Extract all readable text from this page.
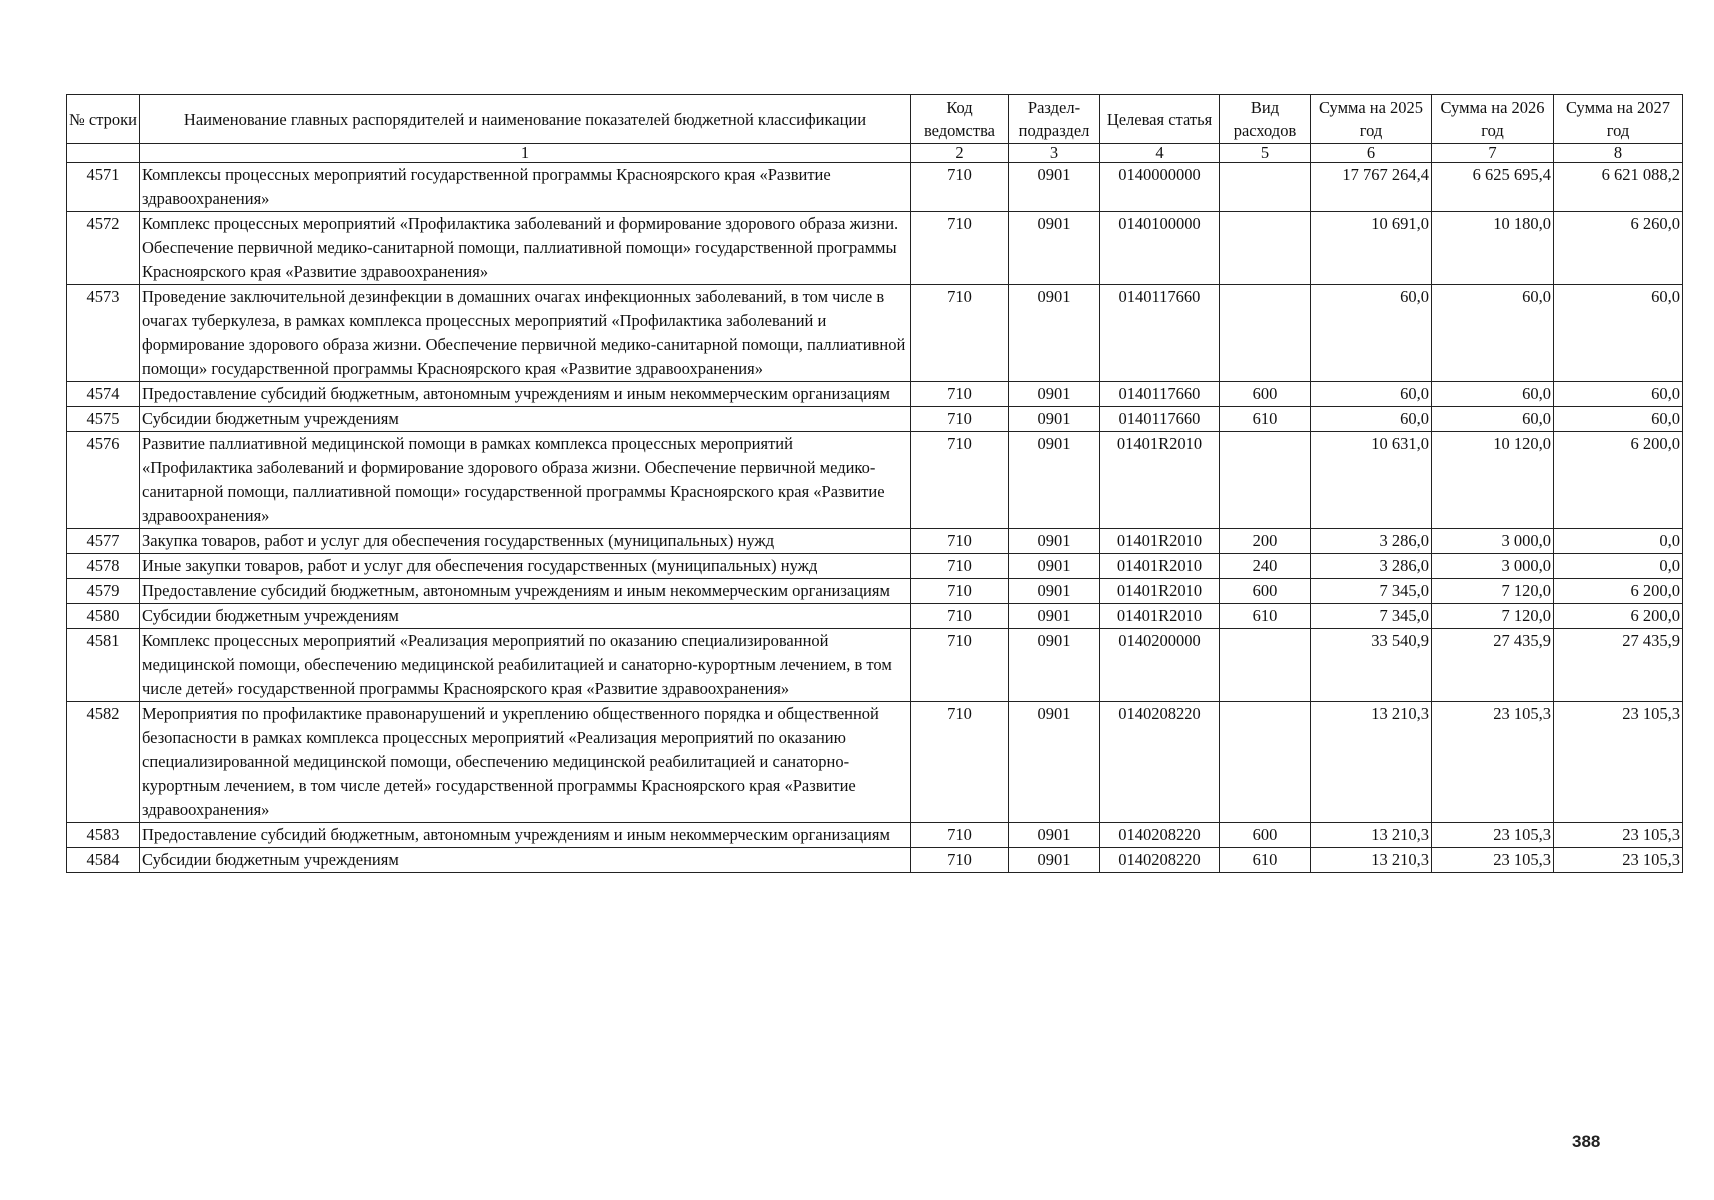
№ строки	Наименование главных распорядителей и наименование показателей бюджетной классификации	Код ведомства	Раздел-подраздел	Целевая статья	Вид расходов	Сумма на 2025 год	Сумма на 2026 год	Сумма на 2027 год
	1	2	3	4	5	6	7	8
4571	Комплексы процессных мероприятий государственной программы Красноярского края «Развитие здравоохранения»	710	0901	0140000000		17 767 264,4	6 625 695,4	6 621 088,2
4572	Комплекс процессных мероприятий «Профилактика заболеваний и формирование здорового образа жизни. Обеспечение первичной медико-санитарной помощи, паллиативной помощи» государственной программы Красноярского края «Развитие здравоохранения»	710	0901	0140100000		10 691,0	10 180,0	6 260,0
4573	Проведение заключительной дезинфекции в домашних очагах инфекционных заболеваний, в том числе в очагах туберкулеза, в рамках комплекса процессных мероприятий «Профилактика заболеваний и формирование здорового образа жизни. Обеспечение первичной медико-санитарной помощи, паллиативной помощи» государственной программы Красноярского края «Развитие здравоохранения»	710	0901	0140117660		60,0	60,0	60,0
4574	Предоставление субсидий бюджетным, автономным учреждениям и иным некоммерческим организациям	710	0901	0140117660	600	60,0	60,0	60,0
4575	Субсидии бюджетным учреждениям	710	0901	0140117660	610	60,0	60,0	60,0
4576	Развитие паллиативной медицинской помощи в рамках комплекса процессных мероприятий «Профилактика заболеваний и формирование здорового образа жизни. Обеспечение первичной медико-санитарной помощи, паллиативной помощи» государственной программы Красноярского края «Развитие здравоохранения»	710	0901	01401R2010		10 631,0	10 120,0	6 200,0
4577	Закупка товаров, работ и услуг для обеспечения государственных (муниципальных) нужд	710	0901	01401R2010	200	3 286,0	3 000,0	0,0
4578	Иные закупки товаров, работ и услуг для обеспечения государственных (муниципальных) нужд	710	0901	01401R2010	240	3 286,0	3 000,0	0,0
4579	Предоставление субсидий бюджетным, автономным учреждениям и иным некоммерческим организациям	710	0901	01401R2010	600	7 345,0	7 120,0	6 200,0
4580	Субсидии бюджетным учреждениям	710	0901	01401R2010	610	7 345,0	7 120,0	6 200,0
4581	Комплекс процессных мероприятий «Реализация мероприятий по оказанию специализированной медицинской помощи, обеспечению медицинской реабилитацией и санаторно-курортным лечением, в том числе детей» государственной программы Красноярского края «Развитие здравоохранения»	710	0901	0140200000		33 540,9	27 435,9	27 435,9
4582	Мероприятия по профилактике правонарушений и укреплению общественного порядка и общественной безопасности в рамках комплекса процессных мероприятий «Реализация мероприятий по оказанию специализированной медицинской помощи, обеспечению медицинской реабилитацией и санаторно-курортным лечением, в том числе детей» государственной программы Красноярского края «Развитие здравоохранения»	710	0901	0140208220		13 210,3	23 105,3	23 105,3
4583	Предоставление субсидий бюджетным, автономным учреждениям и иным некоммерческим организациям	710	0901	0140208220	600	13 210,3	23 105,3	23 105,3
4584	Субсидии бюджетным учреждениям	710	0901	0140208220	610	13 210,3	23 105,3	23 105,3
388
